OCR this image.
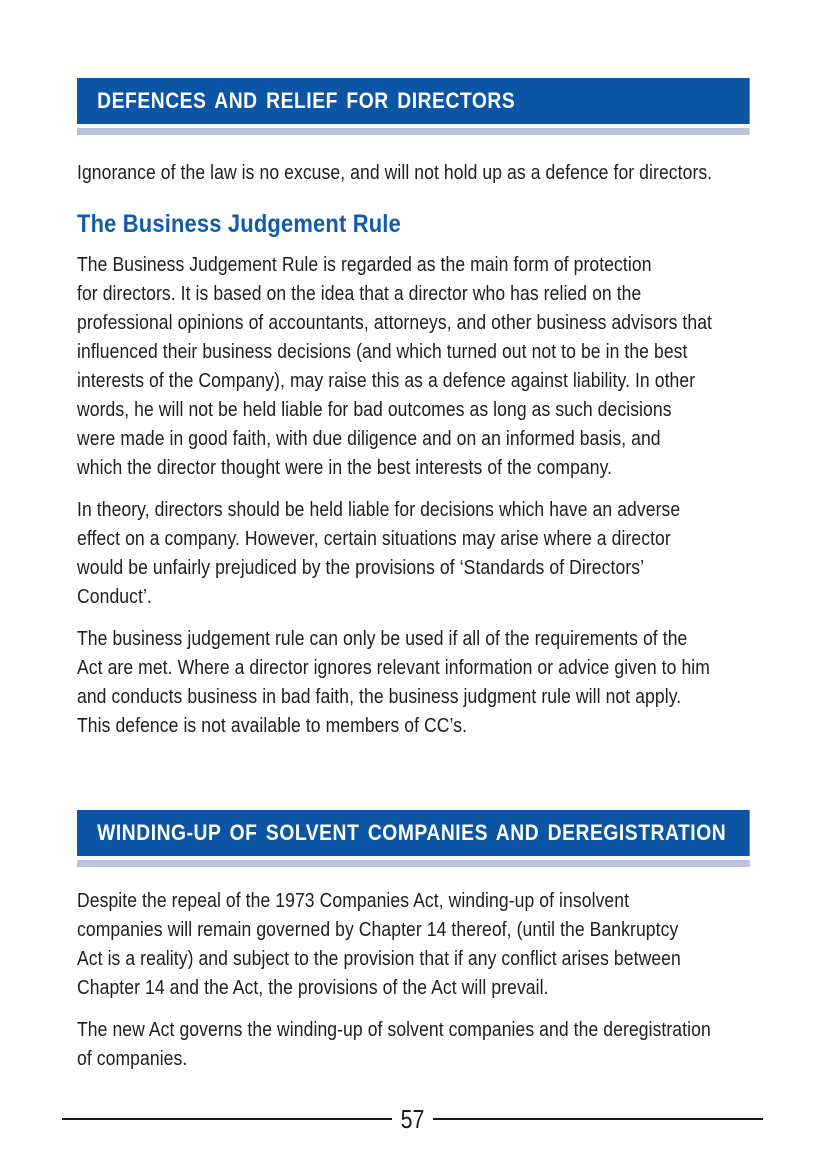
DEFENCES AND RELIEF FOR DIRECTORS
Ignorance of the law is no excuse, and will not hold up as a defence for directors.
The Business Judgement Rule
The Business Judgement Rule is regarded as the main form of protection
for directors. It is based on the idea that a director who has relied on the
professional opinions of accountants, attorneys, and other business advisors that
influenced their business decisions (and which turned out not to be in the best
interests of the Company), may raise this as a defence against liability. In other
words, he will not be held liable for bad outcomes as long as such decisions
were made in good faith, with due diligence and on an informed basis, and
which the director thought were in the best interests of the company.
In theory, directors should be held liable for decisions which have an adverse
effect on a company. However, certain situations may arise where a director
would be unfairly prejudiced by the provisions of ‘Standards of Directors’
Conduct’.
The business judgement rule can only be used if all of the requirements of the
Act are met. Where a director ignores relevant information or advice given to him
and conducts business in bad faith, the business judgment rule will not apply.
This defence is not available to members of CC’s.
WINDING-UP OF SOLVENT COMPANIES AND DEREGISTRATION
Despite the repeal of the 1973 Companies Act, winding-up of insolvent
companies will remain governed by Chapter 14 thereof, (until the Bankruptcy
Act is a reality) and subject to the provision that if any conflict arises between
Chapter 14 and the Act, the provisions of the Act will prevail.
The new Act governs the winding-up of solvent companies and the deregistration
of companies.
57
